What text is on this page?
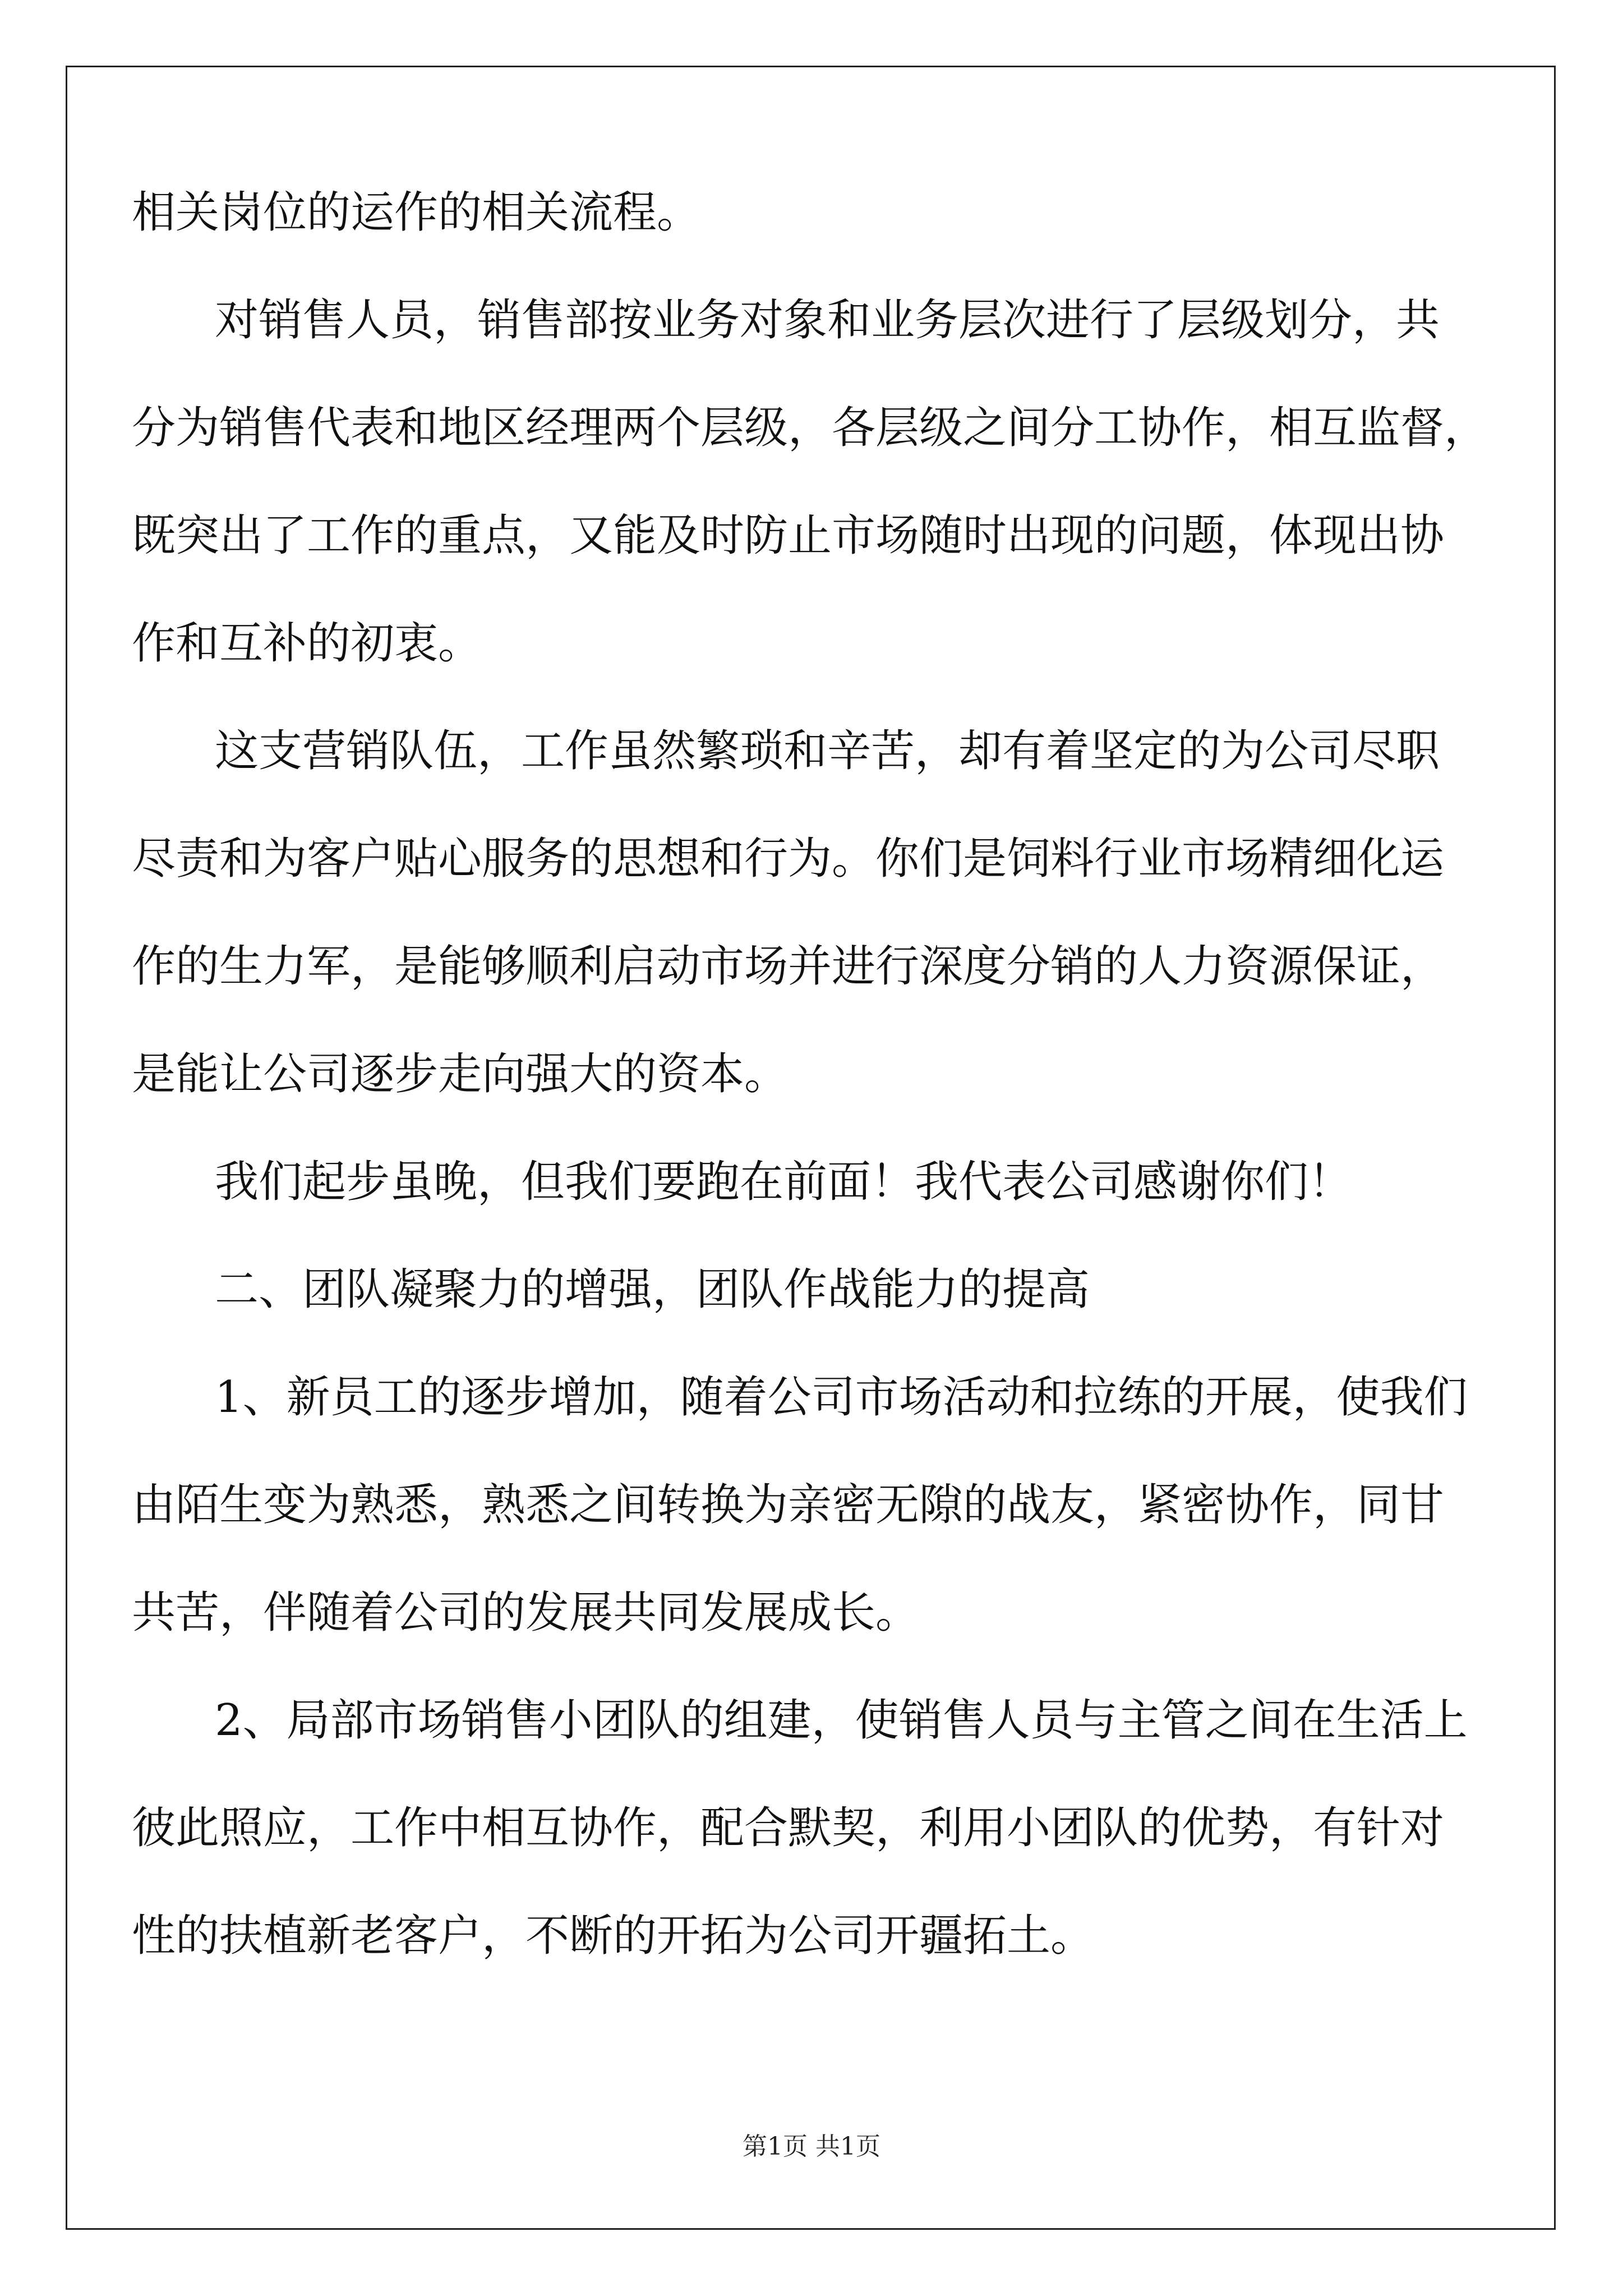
相关岗位的运作的相关流程。
对销售人员，销售部按业务对象和业务层次进行了层级划分，共
分为销售代表和地区经理两个层级，各层级之间分工协作，相互监督，
既突出了工作的重点，又能及时防止市场随时出现的问题，体现出协
作和互补的初衷。
这支营销队伍，工作虽然繁琐和辛苦，却有着坚定的为公司尽职
尽责和为客户贴心服务的思想和行为。你们是饲料行业市场精细化运
作的生力军，是能够顺利启动市场并进行深度分销的人力资源保证，
是能让公司逐步走向强大的资本。
我们起步虽晚，但我们要跑在前面！我代表公司感谢你们！
二、团队凝聚力的增强，团队作战能力的提高
1、新员工的逐步增加，随着公司市场活动和拉练的开展，使我们
由陌生变为熟悉，熟悉之间转换为亲密无隙的战友，紧密协作，同甘
共苦，伴随着公司的发展共同发展成长。
2、局部市场销售小团队的组建，使销售人员与主管之间在生活上
彼此照应，工作中相互协作，配合默契，利用小团队的优势，有针对
性的扶植新老客户，不断的开拓为公司开疆拓土。
第1页 共1页
